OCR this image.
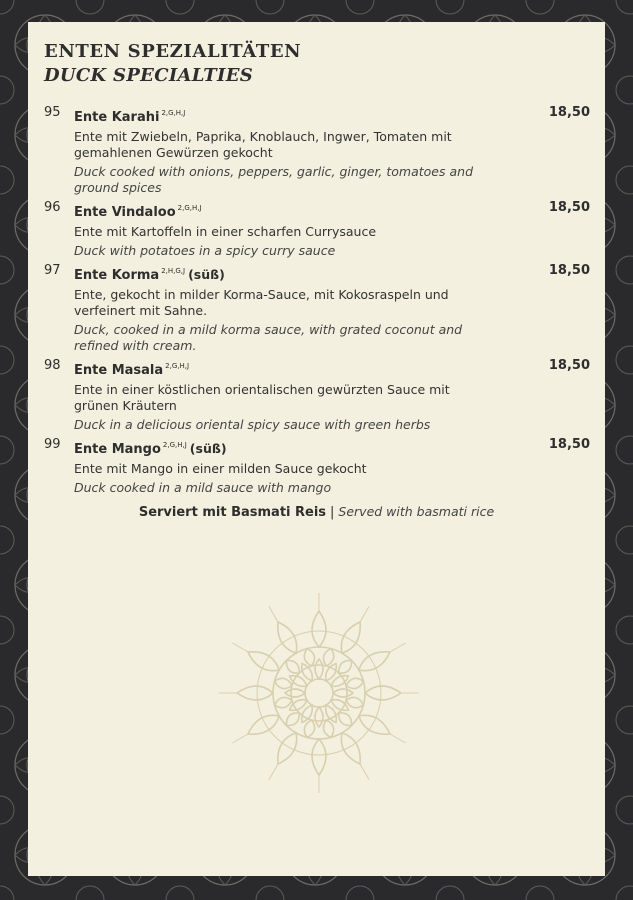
ENTEN SPEZIALITÄTEN
DUCK SPECIALTIES
95	18,50
Ente Karahi $^{2,G,H,J}$
Ente mit Zwiebeln, Paprika, Knoblauch, Ingwer, Tomaten mit gemahlenen Gewürzen gekocht
Duck cooked with onions, peppers, garlic, ginger, tomatoes and ground spices
96	18,50
Ente Vindaloo $^{2,G,H,J}$
Ente mit Kartoffeln in einer scharfen Currysauce
Duck with potatoes in a spicy curry sauce
97	18,50
Ente Korma $^{2,H,G,J}$ (süß)
Ente, gekocht in milder Korma-Sauce, mit Kokosraspeln und verfeinert mit Sahne.
Duck, cooked in a mild korma sauce, with grated coconut and refined with cream.
98	18,50
Ente Masala $^{2,G,H,J}$
Ente in einer köstlichen orientalischen gewürzten Sauce mit grünen Kräutern
Duck in a delicious oriental spicy sauce with green herbs
99	18,50
Ente Mango $^{2,G,H,J}$ (süß)
Ente mit Mango in einer milden Sauce gekocht
Duck cooked in a mild sauce with mango
Serviert mit Basmati Reis | Served with basmati rice
